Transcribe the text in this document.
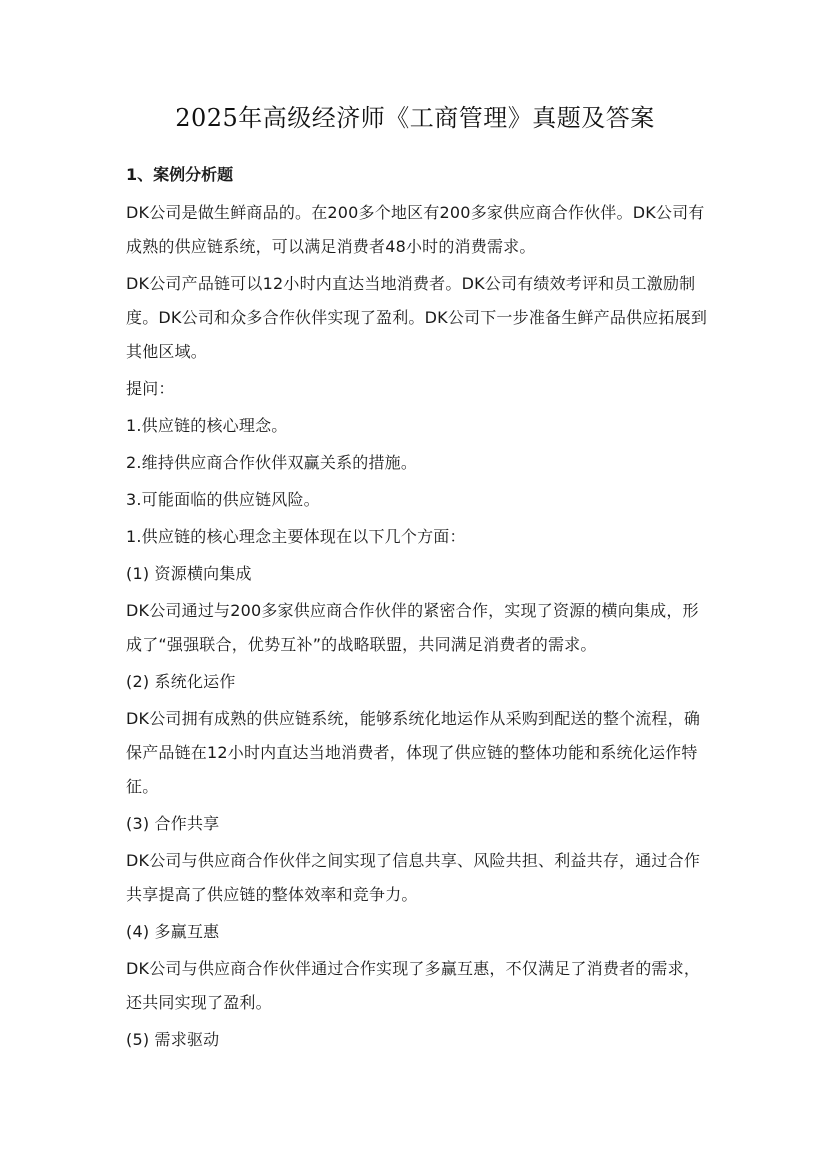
2025年高级经济师《工商管理》真题及答案
1、案例分析题

DK公司是做生鲜商品的。在200多个地区有200多家供应商合作伙伴。DK公司有成熟的供应链系统，可以满足消费者48小时的消费需求。

DK公司产品链可以12小时内直达当地消费者。DK公司有绩效考评和员工激励制度。DK公司和众多合作伙伴实现了盈利。DK公司下一步准备生鲜产品供应拓展到其他区域。

提问：

1.供应链的核心理念。

2.维持供应商合作伙伴双赢关系的措施。

3.可能面临的供应链风险。

1.供应链的核心理念主要体现在以下几个方面：

(1) 资源横向集成

DK公司通过与200多家供应商合作伙伴的紧密合作，实现了资源的横向集成，形成了“强强联合，优势互补”的战略联盟，共同满足消费者的需求。

(2) 系统化运作

DK公司拥有成熟的供应链系统，能够系统化地运作从采购到配送的整个流程，确保产品链在12小时内直达当地消费者，体现了供应链的整体功能和系统化运作特征。

(3) 合作共享

DK公司与供应商合作伙伴之间实现了信息共享、风险共担、利益共存，通过合作共享提高了供应链的整体效率和竞争力。

(4) 多赢互惠

DK公司与供应商合作伙伴通过合作实现了多赢互惠，不仅满足了消费者的需求，还共同实现了盈利。

(5) 需求驱动
